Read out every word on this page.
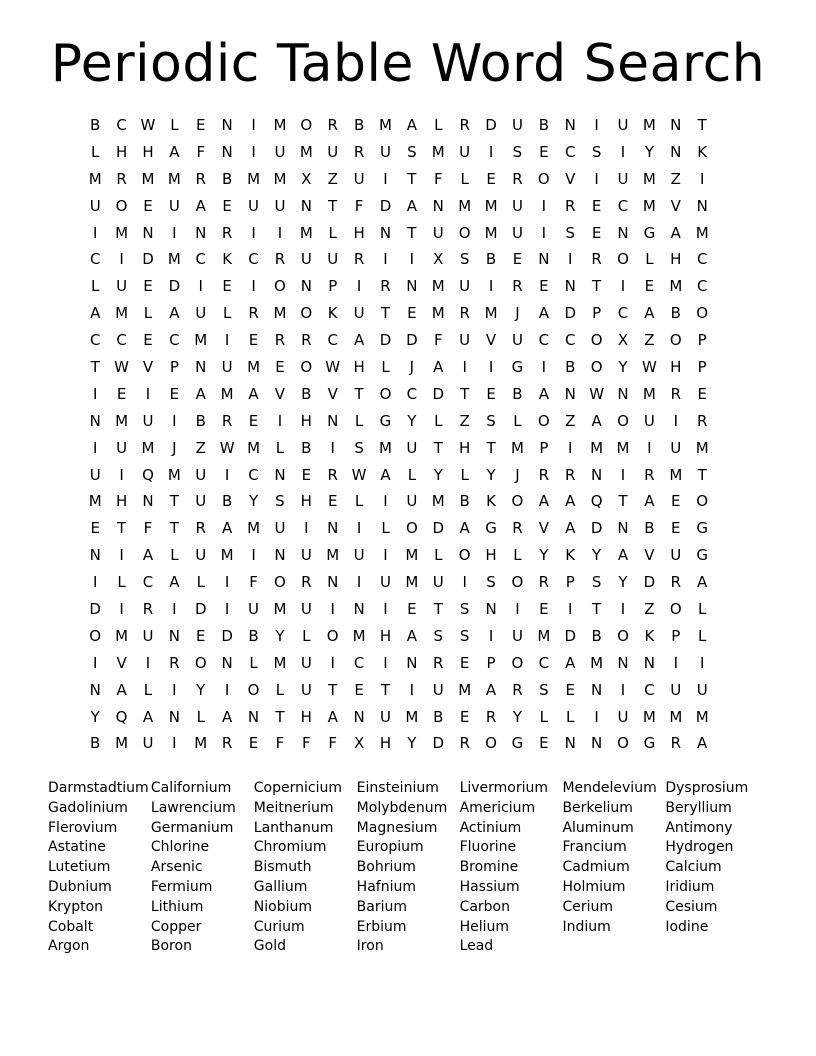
Periodic Table Word Search
B	C W L	E	N	I	M O	R	B M A	L	R	D	U	B	N	I	U M N	T
L	H	H	A	F	N	I	U M U	R	U	S	M U	I	S	E	C	S	I	Y	N	K
M R M M R	B M M X	Z	U	I	T	F	L	E	R	O	V	I	U M Z	I
U O	E	U	A	E	U	U	N	T	F	D	A	N M M U	I	R	E	C M V	N
I	M N	I	N	R	I	I	M	L	H	N	T	U O M U	I	S	E	N G	A M
C	I	D M C	K	C	R	U	U	R	I	I	X	S	B	E	N	I	R	O	L	H	C
L	U	E	D	I	E	I	O N	P	I	R	N M U	I	R	E	N	T	I	E	M C
A M	L	A	U	L	R M O	K	U	T	E	M R M	J	A	D	P	C	A	B	O
C	C	E	C M	I	E	R	R	C	A	D D	F	U	V	U	C	C	O	X	Z	O	P
T W V	P	N	U M	E	O W H	L	J	A	I	I	G	I	B	O	Y W H	P
I	E	I	E	A M A	V	B	V	T	O	C	D	T	E	B	A	N W N M R	E
N M U	I	B	R	E	I	H	N	L	G	Y	L	Z	S	L	O	Z	A	O	U	I	R
I	U M	J	Z W M	L	B	I	S	M U	T	H	T	M	P	I	M M	I	U M
U	I	Q M U	I	C	N	E	R W A	L	Y	L	Y	J	R	R	N	I	R M	T
M H	N	T	U	B	Y	S	H	E	L	I	U M B	K	O	A	A	Q	T	A	E	O
E	T	F	T	R	A M U	I	N	I	L	O D	A	G	R	V	A	D	N	B	E	G
N	I	A	L	U M	I	N	U M U	I	M	L	O H	L	Y	K	Y	A	V	U	G
I	L	C	A	L	I	F	O	R	N	I	U M U	I	S	O	R	P	S	Y	D	R	A
D	I	R	I	D	I	U M U	I	N	I	E	T	S	N	I	E	I	T	I	Z	O	L
O M U	N	E	D	B	Y	L	O M H	A	S	S	I	U M D	B	O	K	P	L
I	V	I	R	O N	L	M U	I	C	I	N	R	E	P	O	C	A M N	N	I	I
N	A	L	I	Y	I	O	L	U	T	E	T	I	U M A	R	S	E	N	I	C	U	U
Y	Q	A	N	L	A	N	T	H	A	N	U M B	E	R	Y	L	L	I	U M M M
B M U	I	M R	E	F	F	F	X	H	Y	D	R	O G	E	N	N O G	R	A
Darmstadtium Californium	Copernicium	Einsteinium	Livermorium	Mendelevium Dysprosium
Gadolinium	Lawrencium	Meitnerium	Molybdenum Americium	Berkelium	Beryllium
Flerovium	Germanium	Lanthanum	Magnesium	Actinium	Aluminum	Antimony
Astatine	Chlorine	Chromium	Europium	Fluorine	Francium	Hydrogen
Lutetium	Arsenic	Bismuth	Bohrium	Bromine	Cadmium	Calcium
Dubnium	Fermium	Gallium	Hafnium	Hassium	Holmium	Iridium
Krypton	Lithium	Niobium	Barium	Carbon	Cerium	Cesium
Cobalt	Copper	Curium	Erbium	Helium	Indium	Iodine
Argon	Boron	Gold	Iron	Lead
